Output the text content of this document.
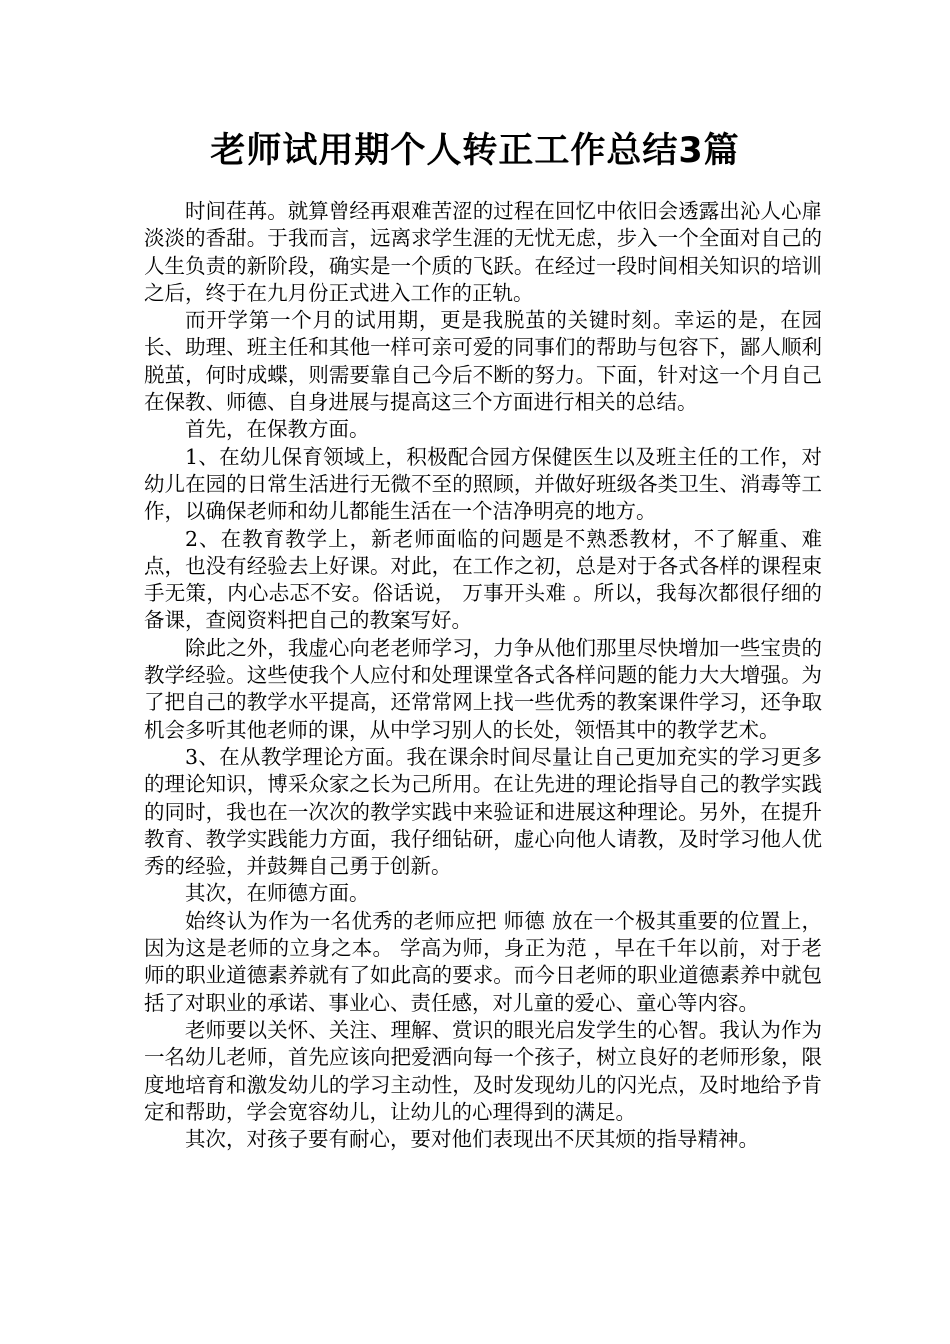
老师试用期个人转正工作总结3篇

时间荏苒。就算曾经再艰难苦涩的过程在回忆中依旧会透露出沁人心扉淡淡的香甜。于我而言，远离求学生涯的无忧无虑，步入一个全面对自己的人生负责的新阶段，确实是一个质的飞跃。在经过一段时间相关知识的培训之后，终于在九月份正式进入工作的正轨。

而开学第一个月的试用期，更是我脱茧的关键时刻。幸运的是，在园长、助理、班主任和其他一样可亲可爱的同事们的帮助与包容下，鄙人顺利脱茧，何时成蝶，则需要靠自己今后不断的努力。下面，针对这一个月自己在保教、师德、自身进展与提高这三个方面进行相关的总结。

首先，在保教方面。

1、在幼儿保育领域上，积极配合园方保健医生以及班主任的工作，对幼儿在园的日常生活进行无微不至的照顾，并做好班级各类卫生、消毒等工作，以确保老师和幼儿都能生活在一个洁净明亮的地方。

2、在教育教学上，新老师面临的问题是不熟悉教材，不了解重、难点，也没有经验去上好课。对此，在工作之初，总是对于各式各样的课程束手无策，内心忐忑不安。俗话说， 万事开头难 。所以，我每次都很仔细的备课，查阅资料把自己的教案写好。

除此之外，我虚心向老老师学习，力争从他们那里尽快增加一些宝贵的教学经验。这些使我个人应付和处理课堂各式各样问题的能力大大增强。为了把自己的教学水平提高，还常常网上找一些优秀的教案课件学习，还争取机会多听其他老师的课，从中学习别人的长处，领悟其中的教学艺术。

3、在从教学理论方面。我在课余时间尽量让自己更加充实的学习更多的理论知识，博采众家之长为己所用。在让先进的理论指导自己的教学实践的同时，我也在一次次的教学实践中来验证和进展这种理论。另外，在提升教育、教学实践能力方面，我仔细钻研，虚心向他人请教，及时学习他人优秀的经验，并鼓舞自己勇于创新。

其次，在师德方面。

始终认为作为一名优秀的老师应把 师德 放在一个极其重要的位置上，因为这是老师的立身之本。 学高为师，身正为范 ，早在千年以前，对于老师的职业道德素养就有了如此高的要求。而今日老师的职业道德素养中就包括了对职业的承诺、事业心、责任感，对儿童的爱心、童心等内容。

老师要以关怀、关注、理解、赏识的眼光启发学生的心智。我认为作为一名幼儿老师，首先应该向把爱洒向每一个孩子，树立良好的老师形象，限度地培育和激发幼儿的学习主动性，及时发现幼儿的闪光点，及时地给予肯定和帮助，学会宽容幼儿，让幼儿的心理得到的满足。

其次，对孩子要有耐心，要对他们表现出不厌其烦的指导精神。
